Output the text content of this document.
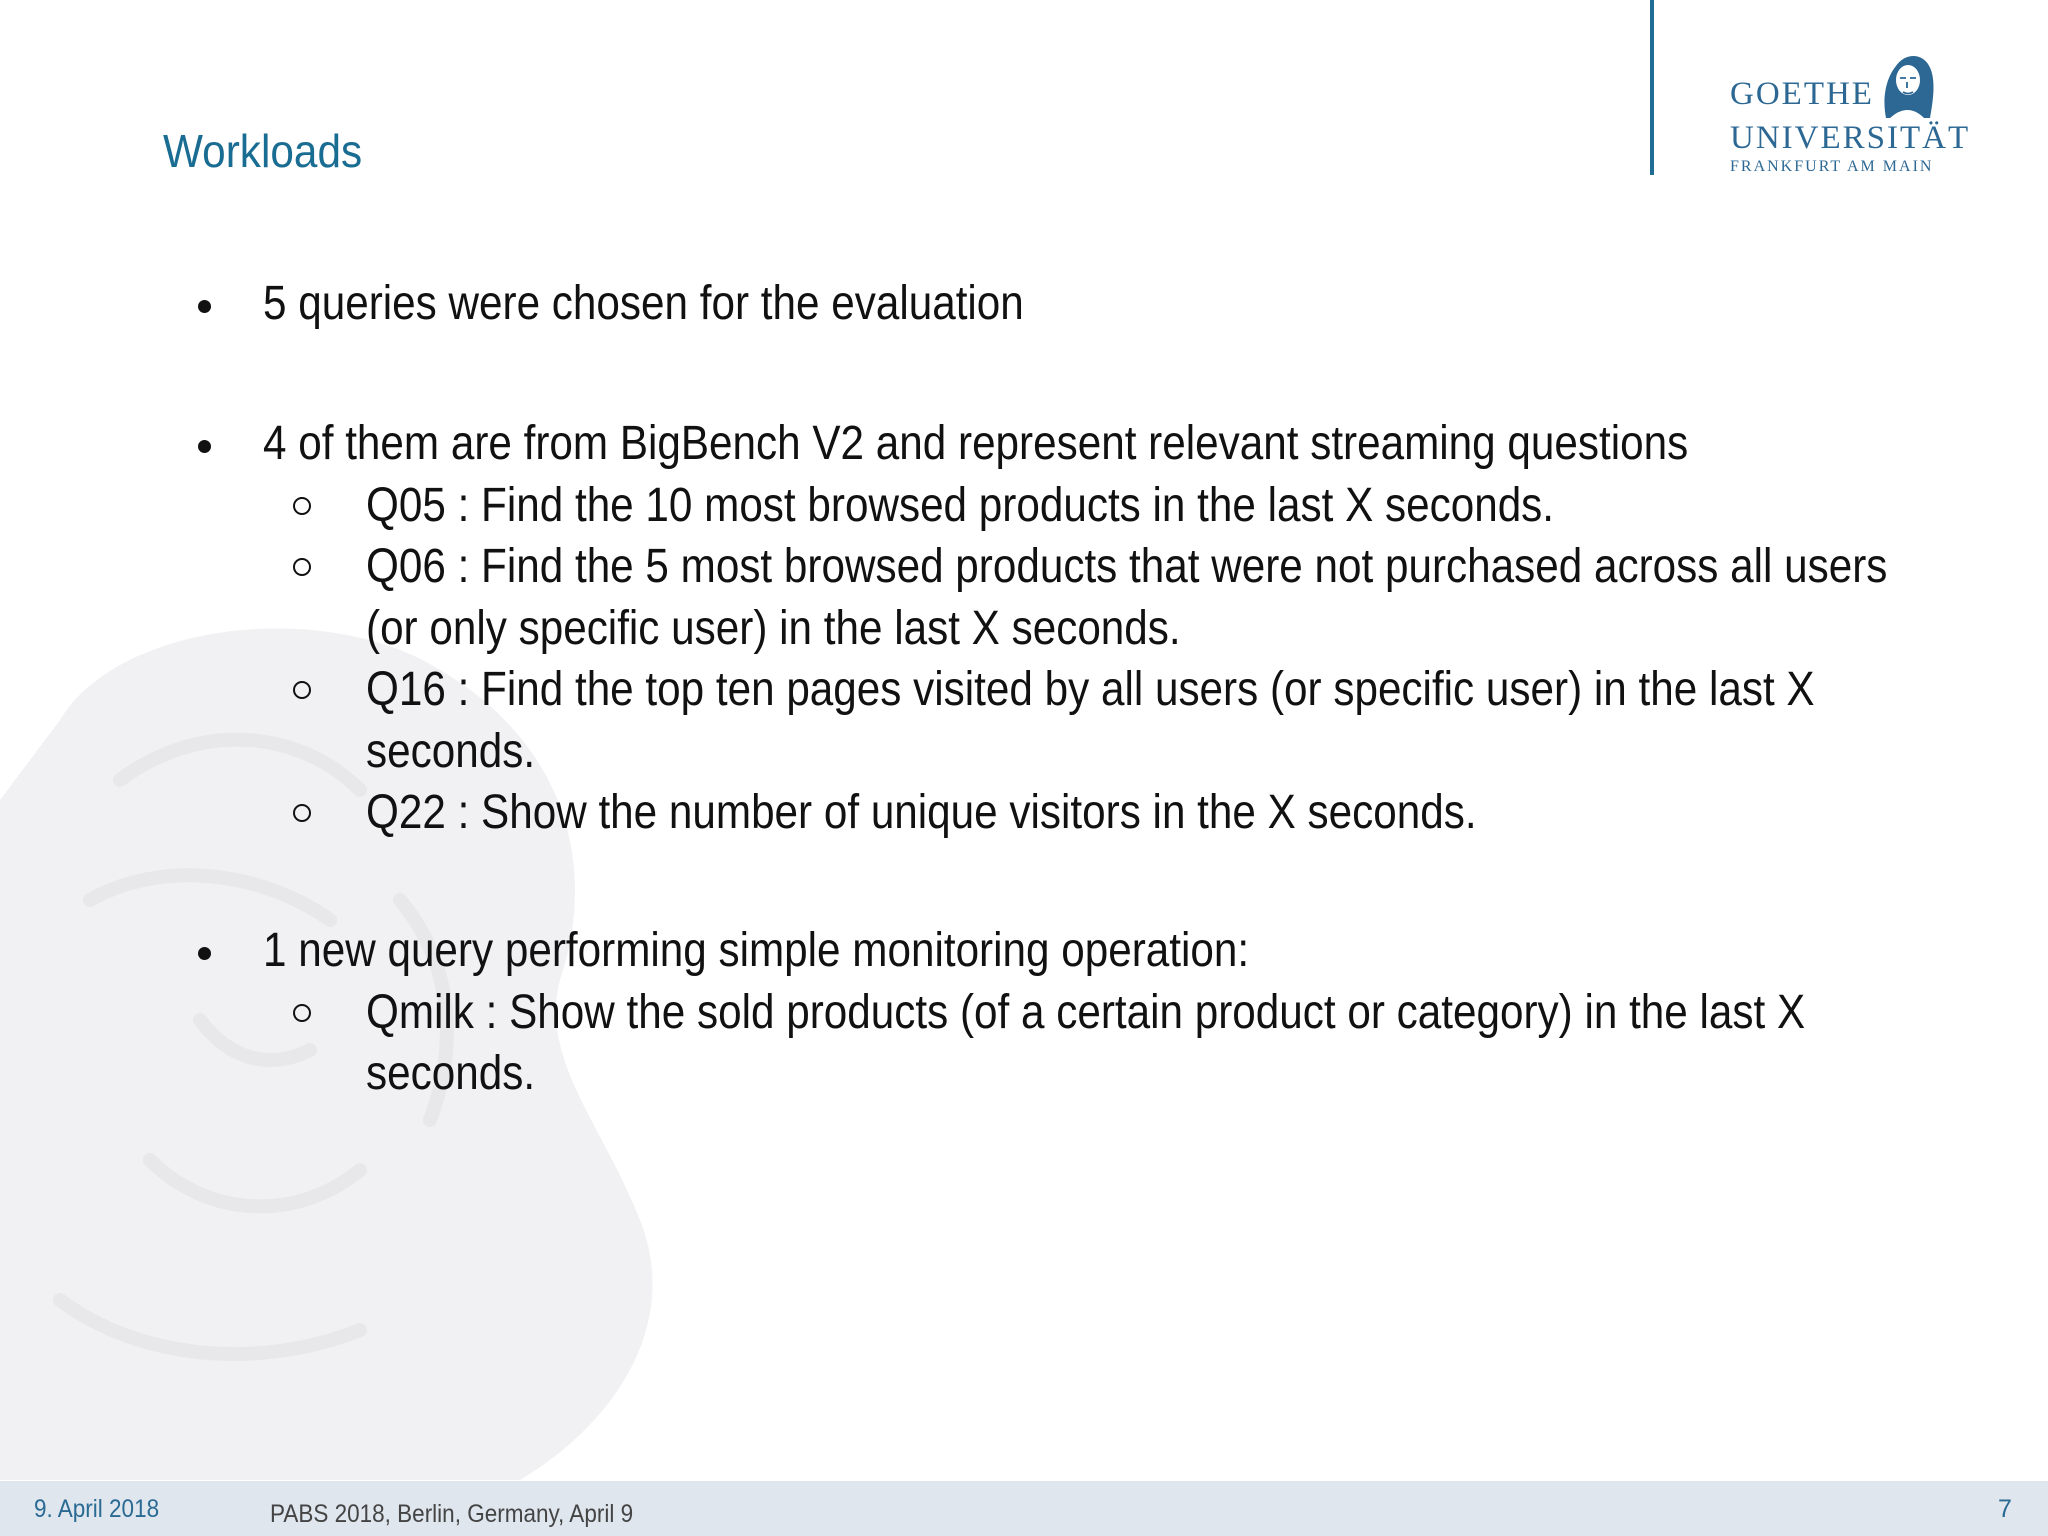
Workloads
GOETHE
UNIVERSITÄT
FRANKFURT AM MAIN
5 queries were chosen for the evaluation
4 of them are from BigBench V2 and represent relevant streaming questions
Q05 : Find the 10 most browsed products in the last X seconds.
Q06 : Find the 5 most browsed products that were not purchased across all users
(or only specific user) in the last X seconds.
Q16 : Find the top ten pages visited by all users (or specific user) in the last X
seconds.
Q22 : Show the number of unique visitors in the X seconds.
1 new query performing simple monitoring operation:
Qmilk : Show the sold products (of a certain product or category) in the last X
seconds.
9. April 2018	PABS 2018, Berlin, Germany, April 9	7
